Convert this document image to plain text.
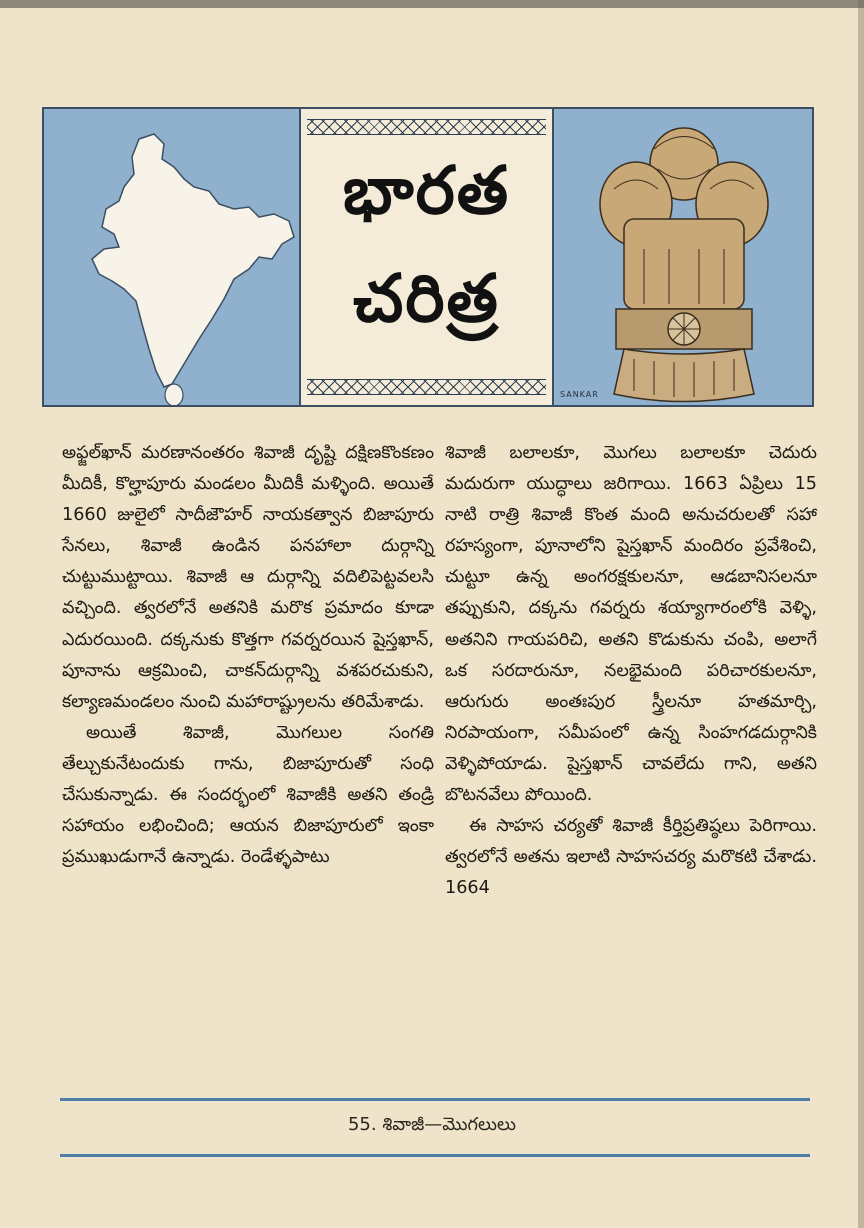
భారత
చరిత్ర
SANKAR

అఫ్జల్‌ఖాన్ మరణానంతరం శివాజీ దృష్టి దక్షిణకొంకణం మీదికీ, కొల్హాపూరు మండలం మీదికీ మళ్ళింది. అయితే 1660 జులైలో సాదీజౌహర్ నాయకత్వాన బిజాపూరు సేనలు, శివాజీ ఉండిన పనహాలా దుర్గాన్ని చుట్టుముట్టాయి. శివాజీ ఆ దుర్గాన్ని వదిలిపెట్టవలసి వచ్చింది. త్వరలోనే అతనికి మరొక ప్రమాదం కూడా ఎదురయింది. దక్కనుకు కొత్తగా గవర్నరయిన షైస్తఖాన్, పూనాను ఆక్రమించి, చాకన్‌దుర్గాన్ని వశపరచుకుని, కల్యాణమండలం నుంచి మహారాష్ట్రులను తరిమేశాడు.

అయితే శివాజీ, మొగలుల సంగతి తేల్చుకునేటందుకు గాను, బిజాపూరుతో సంధి చేసుకున్నాడు. ఈ సందర్భంలో శివాజీకి అతని తండ్రి సహాయం లభించింది; ఆయన బిజాపూరులో ఇంకా ప్రముఖుడుగానే ఉన్నాడు. రెండేళ్ళపాటు

శివాజీ బలాలకూ, మొగలు బలాలకూ చెదురు మదురుగా యుద్ధాలు జరిగాయి. 1663 ఏప్రిలు 15 నాటి రాత్రి శివాజీ కొంత మంది అనుచరులతో సహా రహస్యంగా, పూనాలోని షైస్తఖాన్ మందిరం ప్రవేశించి, చుట్టూ ఉన్న అంగరక్షకులనూ, ఆడబానిసలనూ తప్పుకుని, దక్కను గవర్నరు శయ్యాగారంలోకి వెళ్ళి, అతనిని గాయపరిచి, అతని కొడుకును చంపి, అలాగే ఒక సరదారునూ, నలభైమంది పరిచారకులనూ, ఆరుగురు అంతఃపుర స్త్రీలనూ హతమార్చి, నిరపాయంగా, సమీపంలో ఉన్న సింహగడదుర్గానికి వెళ్ళిపోయాడు. షైస్తఖాన్ చావలేదు గాని, అతని బొటనవేలు పోయింది.

ఈ సాహస చర్యతో శివాజీ కీర్తిప్రతిష్ఠలు పెరిగాయి. త్వరలోనే అతను ఇలాటి సాహసచర్య మరొకటి చేశాడు. 1664

55. శివాజీ—మొగలులు
